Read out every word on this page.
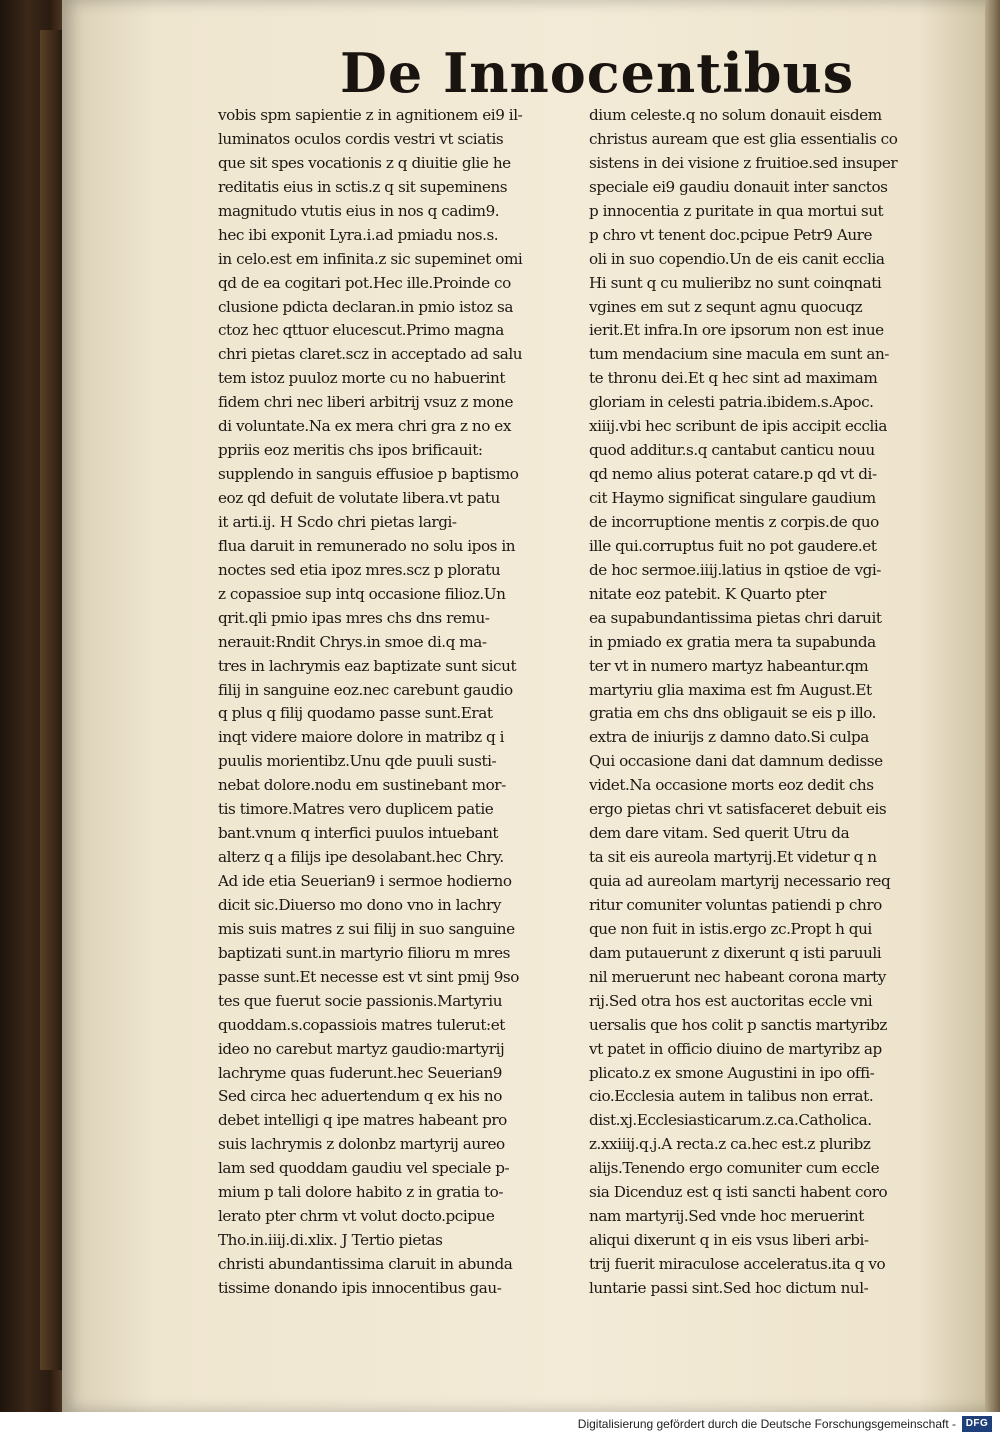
De Innocentibus
vobis spm sapientie z in agnitionem ei9 il-
luminatos oculos cordis vestri vt sciatis
que sit spes vocationis z q diuitie glie he
reditatis eius in sctis.z q sit supeminens
magnitudo vtutis eius in nos q cadim9.
hec ibi exponit Lyra.i.ad pmiadu nos.s.
in celo.est em infinita.z sic supeminet omi
qd de ea cogitari pot.Hec ille.Proinde co
clusione pdicta declaran.in pmio istoz sa
ctoz hec qttuor elucescut.Primo magna
chri pietas claret.scz in acceptado ad salu
tem istoz puuloz morte cu no habuerint
fidem chri nec liberi arbitrij vsuz z mone
di voluntate.Na ex mera chri gra z no ex
ppriis eoz meritis chs ipos brificauit:
supplendo in sanguis effusioe p baptismo
eoz qd defuit de volutate libera.vt patu
it arti.ij. H Scdo chri pietas largi-
flua daruit in remunerado no solu ipos in
noctes sed etia ipoz mres.scz p ploratu
z copassioe sup intq occasione filioz.Un
qrit.qli pmio ipas mres chs dns remu-
nerauit:Rndit Chrys.in smoe di.q ma-
tres in lachrymis eaz baptizate sunt sicut
filij in sanguine eoz.nec carebunt gaudio
q plus q filij quodamo passe sunt.Erat
inqt videre maiore dolore in matribz q i
puulis morientibz.Unu qde puuli susti-
nebat dolore.nodu em sustinebant mor-
tis timore.Matres vero duplicem patie
bant.vnum q interfici puulos intuebant
alterz q a filijs ipe desolabant.hec Chry.
Ad ide etia Seuerian9 i sermoe hodierno
dicit sic.Diuerso mo dono vno in lachry
mis suis matres z sui filij in suo sanguine
baptizati sunt.in martyrio filioru m mres
passe sunt.Et necesse est vt sint pmij 9so
tes que fuerut socie passionis.Martyriu
quoddam.s.copassiois matres tulerut:et
ideo no carebut martyz gaudio:martyrij
lachryme quas fuderunt.hec Seuerian9
Sed circa hec aduertendum q ex his no
debet intelligi q ipe matres habeant pro
suis lachrymis z dolonbz martyrij aureo
lam sed quoddam gaudiu vel speciale p-
mium p tali dolore habito z in gratia to-
lerato pter chrm vt volut docto.pcipue
Tho.in.iiij.di.xlix. J Tertio pietas
christi abundantissima claruit in abunda
tissime donando ipis innocentibus gau-
dium celeste.q no solum donauit eisdem
christus auream que est glia essentialis co
sistens in dei visione z fruitioe.sed insuper
speciale ei9 gaudiu donauit inter sanctos
p innocentia z puritate in qua mortui sut
p chro vt tenent doc.pcipue Petr9 Aure
oli in suo copendio.Un de eis canit ecclia
Hi sunt q cu mulieribz no sunt coinqnati
vgines em sut z sequnt agnu quocuqz
ierit.Et infra.In ore ipsorum non est inue
tum mendacium sine macula em sunt an-
te thronu dei.Et q hec sint ad maximam
gloriam in celesti patria.ibidem.s.Apoc.
xiiij.vbi hec scribunt de ipis accipit ecclia
quod additur.s.q cantabut canticu nouu
qd nemo alius poterat catare.p qd vt di-
cit Haymo significat singulare gaudium
de incorruptione mentis z corpis.de quo
ille qui.corruptus fuit no pot gaudere.et
de hoc sermoe.iiij.latius in qstioe de vgi-
nitate eoz patebit. K Quarto pter
ea supabundantissima pietas chri daruit
in pmiado ex gratia mera ta supabunda
ter vt in numero martyz habeantur.qm
martyriu glia maxima est fm August.Et
gratia em chs dns obligauit se eis p illo.
extra de iniurijs z damno dato.Si culpa
Qui occasione dani dat damnum dedisse
videt.Na occasione morts eoz dedit chs
ergo pietas chri vt satisfaceret debuit eis
dem dare vitam. Sed querit Utru da
ta sit eis aureola martyrij.Et videtur q n
quia ad aureolam martyrij necessario req
ritur comuniter voluntas patiendi p chro
que non fuit in istis.ergo zc.Propt h qui
dam putauerunt z dixerunt q isti paruuli
nil meruerunt nec habeant corona marty
rij.Sed otra hos est auctoritas eccle vni
uersalis que hos colit p sanctis martyribz
vt patet in officio diuino de martyribz ap
plicato.z ex smone Augustini in ipo offi-
cio.Ecclesia autem in talibus non errat.
dist.xj.Ecclesiasticarum.z.ca.Catholica.
z.xxiiij.q.j.A recta.z ca.hec est.z pluribz
alijs.Tenendo ergo comuniter cum eccle
sia Dicenduz est q isti sancti habent coro
nam martyrij.Sed vnde hoc meruerint
aliqui dixerunt q in eis vsus liberi arbi-
trij fuerit miraculose acceleratus.ita q vo
luntarie passi sint.Sed hoc dictum nul-
Digitalisierung gefördert durch die Deutsche Forschungsgemeinschaft - DFG
